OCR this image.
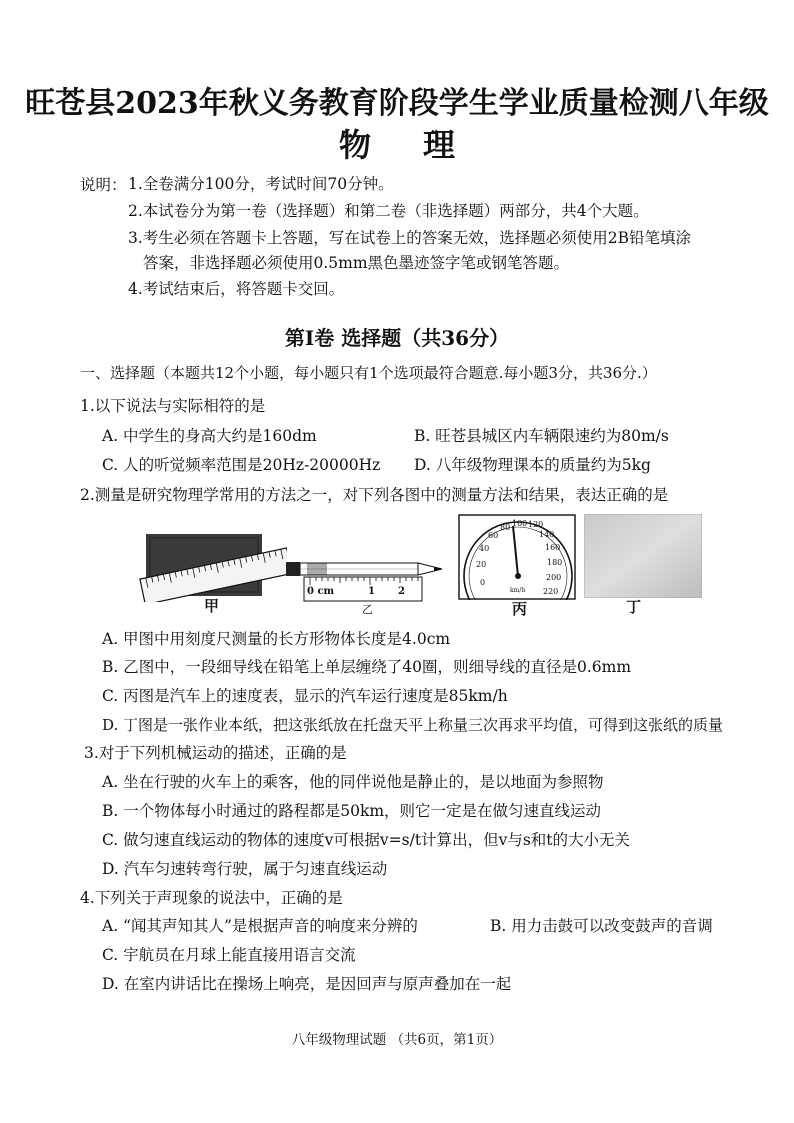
旺苍县2023年秋义务教育阶段学生学业质量检测八年级
物 理
说明： 1.全卷满分100分，考试时间70分钟。
2.本试卷分为第一卷（选择题）和第二卷（非选择题）两部分，共4个大题。
3.考生必须在答题卡上答题，写在试卷上的答案无效，选择题必须使用2B铅笔填涂
答案，非选择题必须使用0.5mm黑色墨迹签字笔或钢笔答题。
4.考试结束后，将答题卡交回。
第I卷 选择题（共36分）
一、选择题（本题共12个小题，每小题只有1个选项最符合题意.每小题3分，共36分.）
1.以下说法与实际相符的是
A. 中学生的身高大约是160dm	B. 旺苍县城区内车辆限速约为80m/s
C. 人的听觉频率范围是20Hz-20000Hz D. 八年级物理课本的质量约为5kg
2.测量是研究物理学常用的方法之一，对下列各图中的测量方法和结果，表达正确的是
甲
0 cm	1 2
乙
0
20
40
60
80 100 120
140
160
180
200
220
km/h
丙	丁
A. 甲图中用刻度尺测量的长方形物体长度是4.0cm
B. 乙图中，一段细导线在铅笔上单层缠绕了40圈，则细导线的直径是0.6mm
C. 丙图是汽车上的速度表，显示的汽车运行速度是85km/h
D. 丁图是一张作业本纸，把这张纸放在托盘天平上称量三次再求平均值，可得到这张纸的质量
3.对于下列机械运动的描述，正确的是
A. 坐在行驶的火车上的乘客，他的同伴说他是静止的，是以地面为参照物
B. 一个物体每小时通过的路程都是50km，则它一定是在做匀速直线运动
C. 做匀速直线运动的物体的速度v可根据v=s/t计算出，但v与s和t的大小无关
D. 汽车匀速转弯行驶，属于匀速直线运动
4.下列关于声现象的说法中，正确的是
A. “闻其声知其人”是根据声音的响度来分辨的	B. 用力击鼓可以改变鼓声的音调
C. 宇航员在月球上能直接用语言交流
D. 在室内讲话比在操场上响亮，是因回声与原声叠加在一起
八年级物理试题 （共6页，第1页）
